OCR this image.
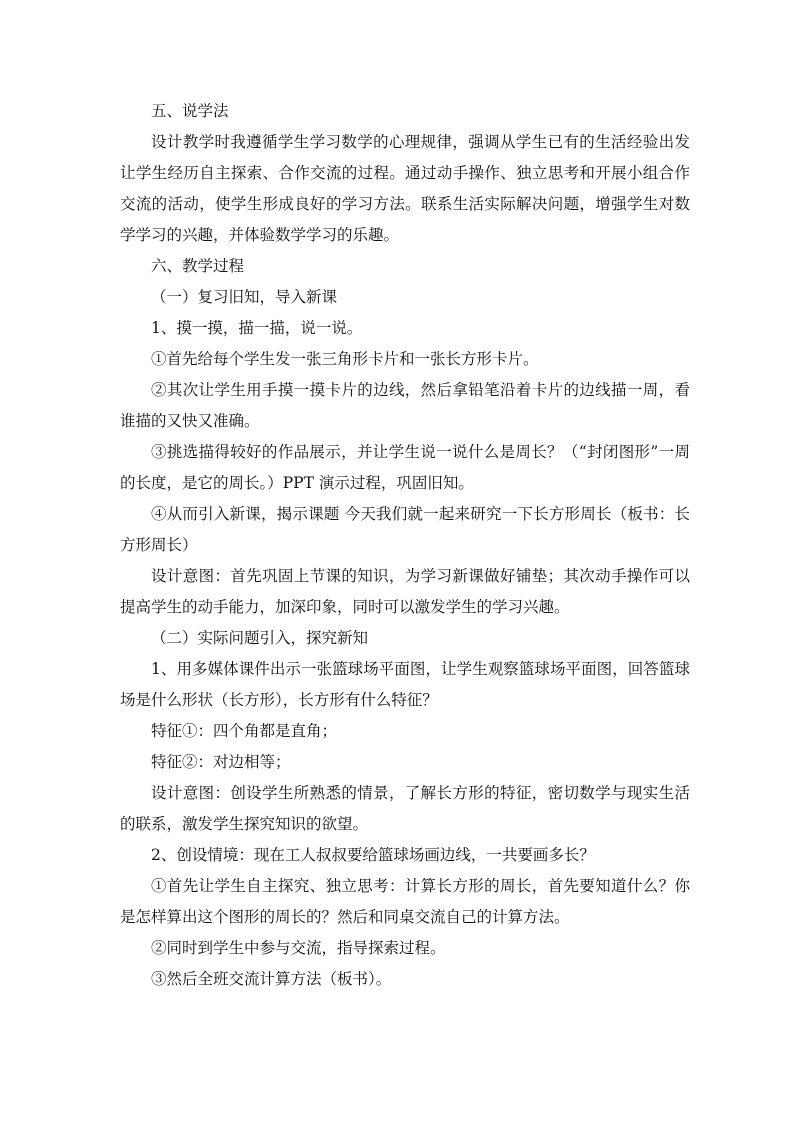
五、说学法

设计教学时我遵循学生学习数学的心理规律，强调从学生已有的生活经验出发让学生经历自主探索、合作交流的过程。通过动手操作、独立思考和开展小组合作交流的活动，使学生形成良好的学习方法。联系生活实际解决问题，增强学生对数学学习的兴趣，并体验数学学习的乐趣。

六、教学过程

（一）复习旧知，导入新课

1、摸一摸，描一描，说一说。

①首先给每个学生发一张三角形卡片和一张长方形卡片。

②其次让学生用手摸一摸卡片的边线，然后拿铅笔沿着卡片的边线描一周，看谁描的又快又准确。

③挑选描得较好的作品展示，并让学生说一说什么是周长？（“封闭图形”一周的长度，是它的周长。）PPT 演示过程，巩固旧知。

④从而引入新课，揭示课题 今天我们就一起来研究一下长方形周长（板书：长方形周长）

设计意图：首先巩固上节课的知识，为学习新课做好铺垫；其次动手操作可以提高学生的动手能力，加深印象，同时可以激发学生的学习兴趣。

（二）实际问题引入，探究新知

1、用多媒体课件出示一张篮球场平面图，让学生观察篮球场平面图，回答篮球场是什么形状（长方形），长方形有什么特征？

特征①：四个角都是直角；

特征②：对边相等；

设计意图：创设学生所熟悉的情景，了解长方形的特征，密切数学与现实生活的联系，激发学生探究知识的欲望。

2、创设情境：现在工人叔叔要给篮球场画边线，一共要画多长？

①首先让学生自主探究、独立思考：计算长方形的周长，首先要知道什么？你是怎样算出这个图形的周长的？然后和同桌交流自己的计算方法。

②同时到学生中参与交流，指导探索过程。

③然后全班交流计算方法（板书）。
